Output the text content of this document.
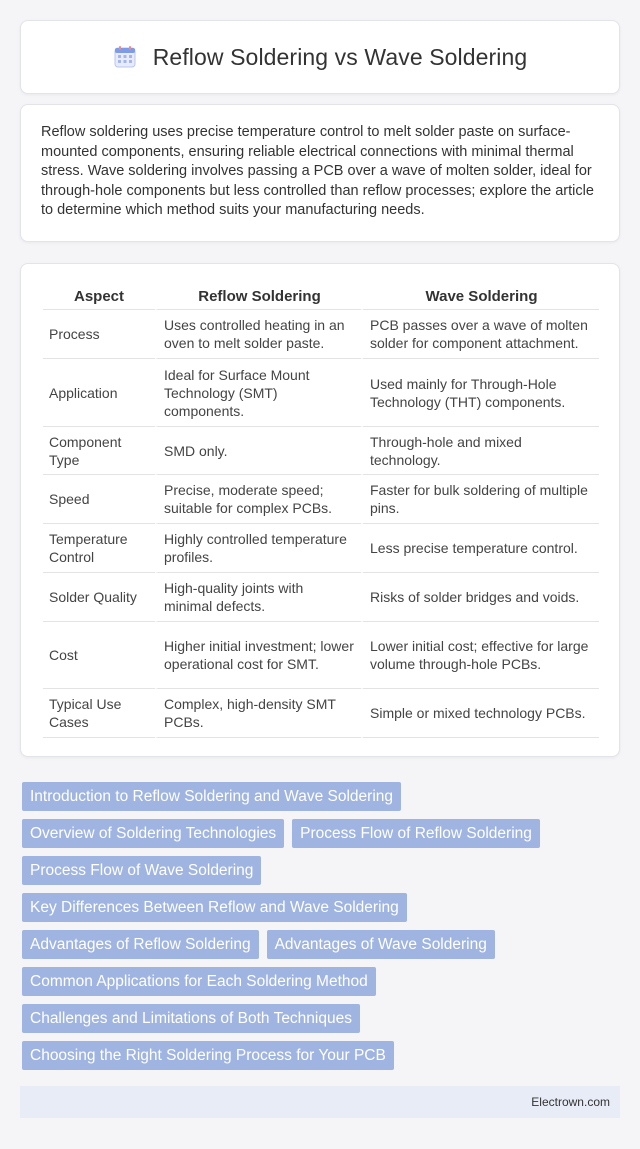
Reflow Soldering vs Wave Soldering

Reflow soldering uses precise temperature control to melt solder paste on surface-mounted components, ensuring reliable electrical connections with minimal thermal stress. Wave soldering involves passing a PCB over a wave of molten solder, ideal for through-hole components but less controlled than reflow processes; explore the article to determine which method suits your manufacturing needs.

Aspect	Reflow Soldering	Wave Soldering
Process	Uses controlled heating in an oven to melt solder paste.	PCB passes over a wave of molten solder for component attachment.
Application	Ideal for Surface Mount Technology (SMT) components.	Used mainly for Through-Hole Technology (THT) components.
Component Type	SMD only.	Through-hole and mixed technology.
Speed	Precise, moderate speed; suitable for complex PCBs.	Faster for bulk soldering of multiple pins.
Temperature Control	Highly controlled temperature profiles.	Less precise temperature control.
Solder Quality	High-quality joints with minimal defects.	Risks of solder bridges and voids.
Cost	Higher initial investment; lower operational cost for SMT.	Lower initial cost; effective for large volume through-hole PCBs.
Typical Use Cases	Complex, high-density SMT PCBs.	Simple or mixed technology PCBs.
Introduction to Reflow Soldering and Wave Soldering
Overview of Soldering Technologies	Process Flow of Reflow Soldering
Process Flow of Wave Soldering
Key Differences Between Reflow and Wave Soldering
Advantages of Reflow Soldering	Advantages of Wave Soldering
Common Applications for Each Soldering Method
Challenges and Limitations of Both Techniques
Choosing the Right Soldering Process for Your PCB
Electrown.com
